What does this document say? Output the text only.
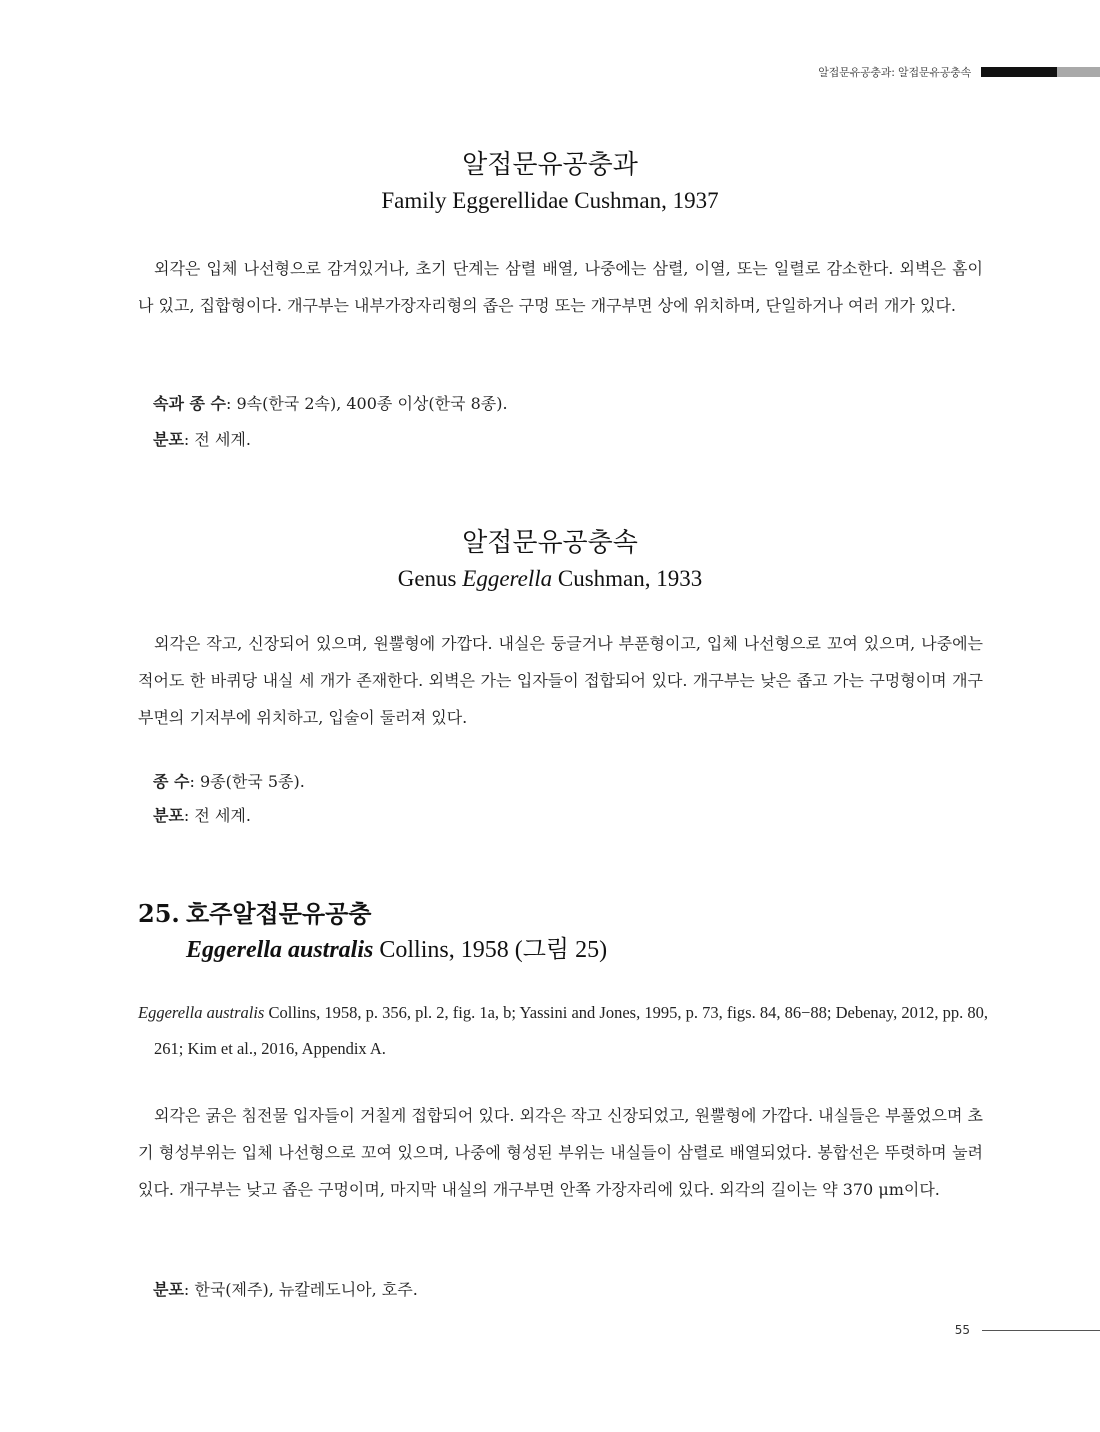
알접문유공충과: 알접문유공충속
알접문유공충과
Family Eggerellidae Cushman, 1937

외각은 입체 나선형으로 감겨있거나, 초기 단계는 삼렬 배열, 나중에는 삼렬, 이열, 또는 일렬로 감소한다. 외벽은 홈이 나 있고, 집합형이다. 개구부는 내부가장자리형의 좁은 구멍 또는 개구부면 상에 위치하며, 단일하거나 여러 개가 있다.

속과 종 수: 9속(한국 2속), 400종 이상(한국 8종).
분포: 전 세계.
알접문유공충속
Genus Eggerella Cushman, 1933

외각은 작고, 신장되어 있으며, 원뿔형에 가깝다. 내실은 둥글거나 부푼형이고, 입체 나선형으로 꼬여 있으며, 나중에는 적어도 한 바퀴당 내실 세 개가 존재한다. 외벽은 가는 입자들이 접합되어 있다. 개구부는 낮은 좁고 가는 구멍형이며 개구부면의 기저부에 위치하고, 입술이 둘러져 있다.

종 수: 9종(한국 5종).
분포: 전 세계.
25. 호주알접문유공충
Eggerella australis Collins, 1958 (그림 25)

Eggerella australis Collins, 1958, p. 356, pl. 2, fig. 1a, b; Yassini and Jones, 1995, p. 73, figs. 84, 86−88; Debenay, 2012, pp. 80, 261; Kim et al., 2016, Appendix A.

외각은 굵은 침전물 입자들이 거칠게 접합되어 있다. 외각은 작고 신장되었고, 원뿔형에 가깝다. 내실들은 부풀었으며 초기 형성부위는 입체 나선형으로 꼬여 있으며, 나중에 형성된 부위는 내실들이 삼렬로 배열되었다. 봉합선은 뚜렷하며 눌려 있다. 개구부는 낮고 좁은 구멍이며, 마지막 내실의 개구부면 안쪽 가장자리에 있다. 외각의 길이는 약 370 μm이다.

분포: 한국(제주), 뉴칼레도니아, 호주.
55
